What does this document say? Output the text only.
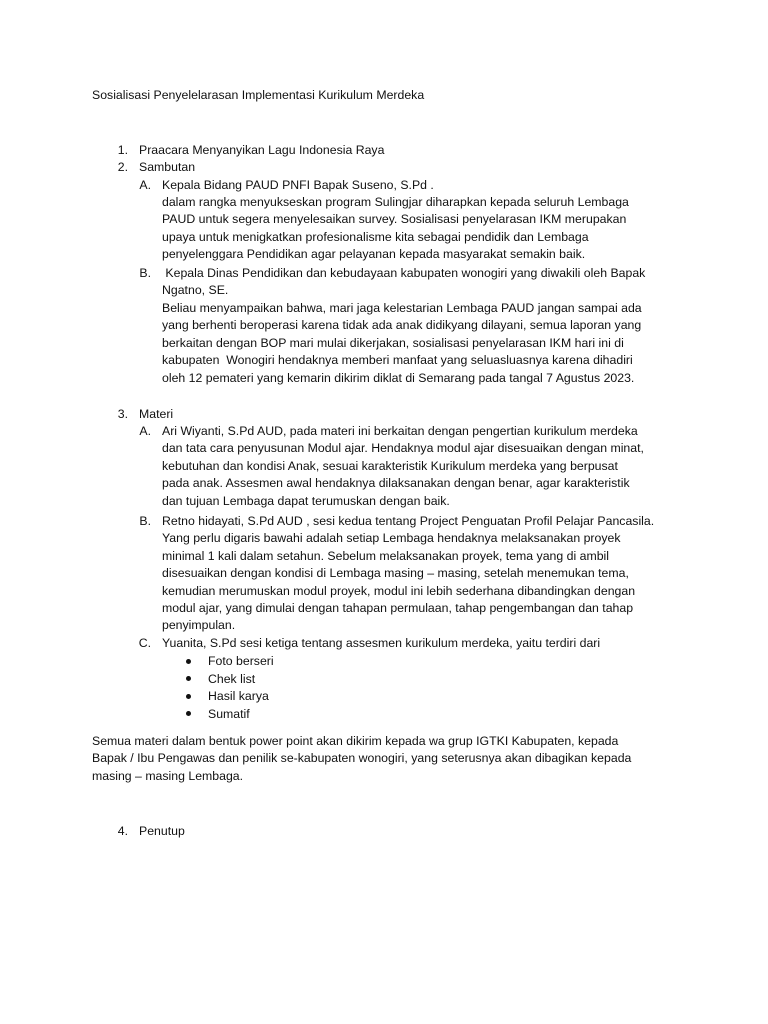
Sosialisasi Penyelelarasan Implementasi Kurikulum Merdeka
1. Praacara Menyanyikan Lagu Indonesia Raya
2. Sambutan
A. Kepala Bidang PAUD PNFI Bapak Suseno, S.Pd .
dalam rangka menyukseskan program Sulingjar diharapkan kepada seluruh Lembaga
PAUD untuk segera menyelesaikan survey. Sosialisasi penyelarasan IKM merupakan
upaya untuk menigkatkan profesionalisme kita sebagai pendidik dan Lembaga
penyelenggara Pendidikan agar pelayanan kepada masyarakat semakin baik.
B. Kepala Dinas Pendidikan dan kebudayaan kabupaten wonogiri yang diwakili oleh Bapak
Ngatno, SE.
Beliau menyampaikan bahwa, mari jaga kelestarian Lembaga PAUD jangan sampai ada
yang berhenti beroperasi karena tidak ada anak didikyang dilayani, semua laporan yang
berkaitan dengan BOP mari mulai dikerjakan, sosialisasi penyelarasan IKM hari ini di
kabupaten  Wonogiri hendaknya memberi manfaat yang seluasluasnya karena dihadiri
oleh 12 pemateri yang kemarin dikirim diklat di Semarang pada tangal 7 Agustus 2023.
3. Materi
A. Ari Wiyanti, S.Pd AUD, pada materi ini berkaitan dengan pengertian kurikulum merdeka
dan tata cara penyusunan Modul ajar. Hendaknya modul ajar disesuaikan dengan minat,
kebutuhan dan kondisi Anak, sesuai karakteristik Kurikulum merdeka yang berpusat
pada anak. Assesmen awal hendaknya dilaksanakan dengan benar, agar karakteristik
dan tujuan Lembaga dapat terumuskan dengan baik.
B. Retno hidayati, S.Pd AUD , sesi kedua tentang Project Penguatan Profil Pelajar Pancasila.
Yang perlu digaris bawahi adalah setiap Lembaga hendaknya melaksanakan proyek
minimal 1 kali dalam setahun. Sebelum melaksanakan proyek, tema yang di ambil
disesuaikan dengan kondisi di Lembaga masing – masing, setelah menemukan tema,
kemudian merumuskan modul proyek, modul ini lebih sederhana dibandingkan dengan
modul ajar, yang dimulai dengan tahapan permulaan, tahap pengembangan dan tahap
penyimpulan.
C. Yuanita, S.Pd sesi ketiga tentang assesmen kurikulum merdeka, yaitu terdiri dari
Foto berseri
Chek list
Hasil karya
Sumatif
Semua materi dalam bentuk power point akan dikirim kepada wa grup IGTKI Kabupaten, kepada
Bapak / Ibu Pengawas dan penilik se-kabupaten wonogiri, yang seterusnya akan dibagikan kepada
masing – masing Lembaga.
4. Penutup
